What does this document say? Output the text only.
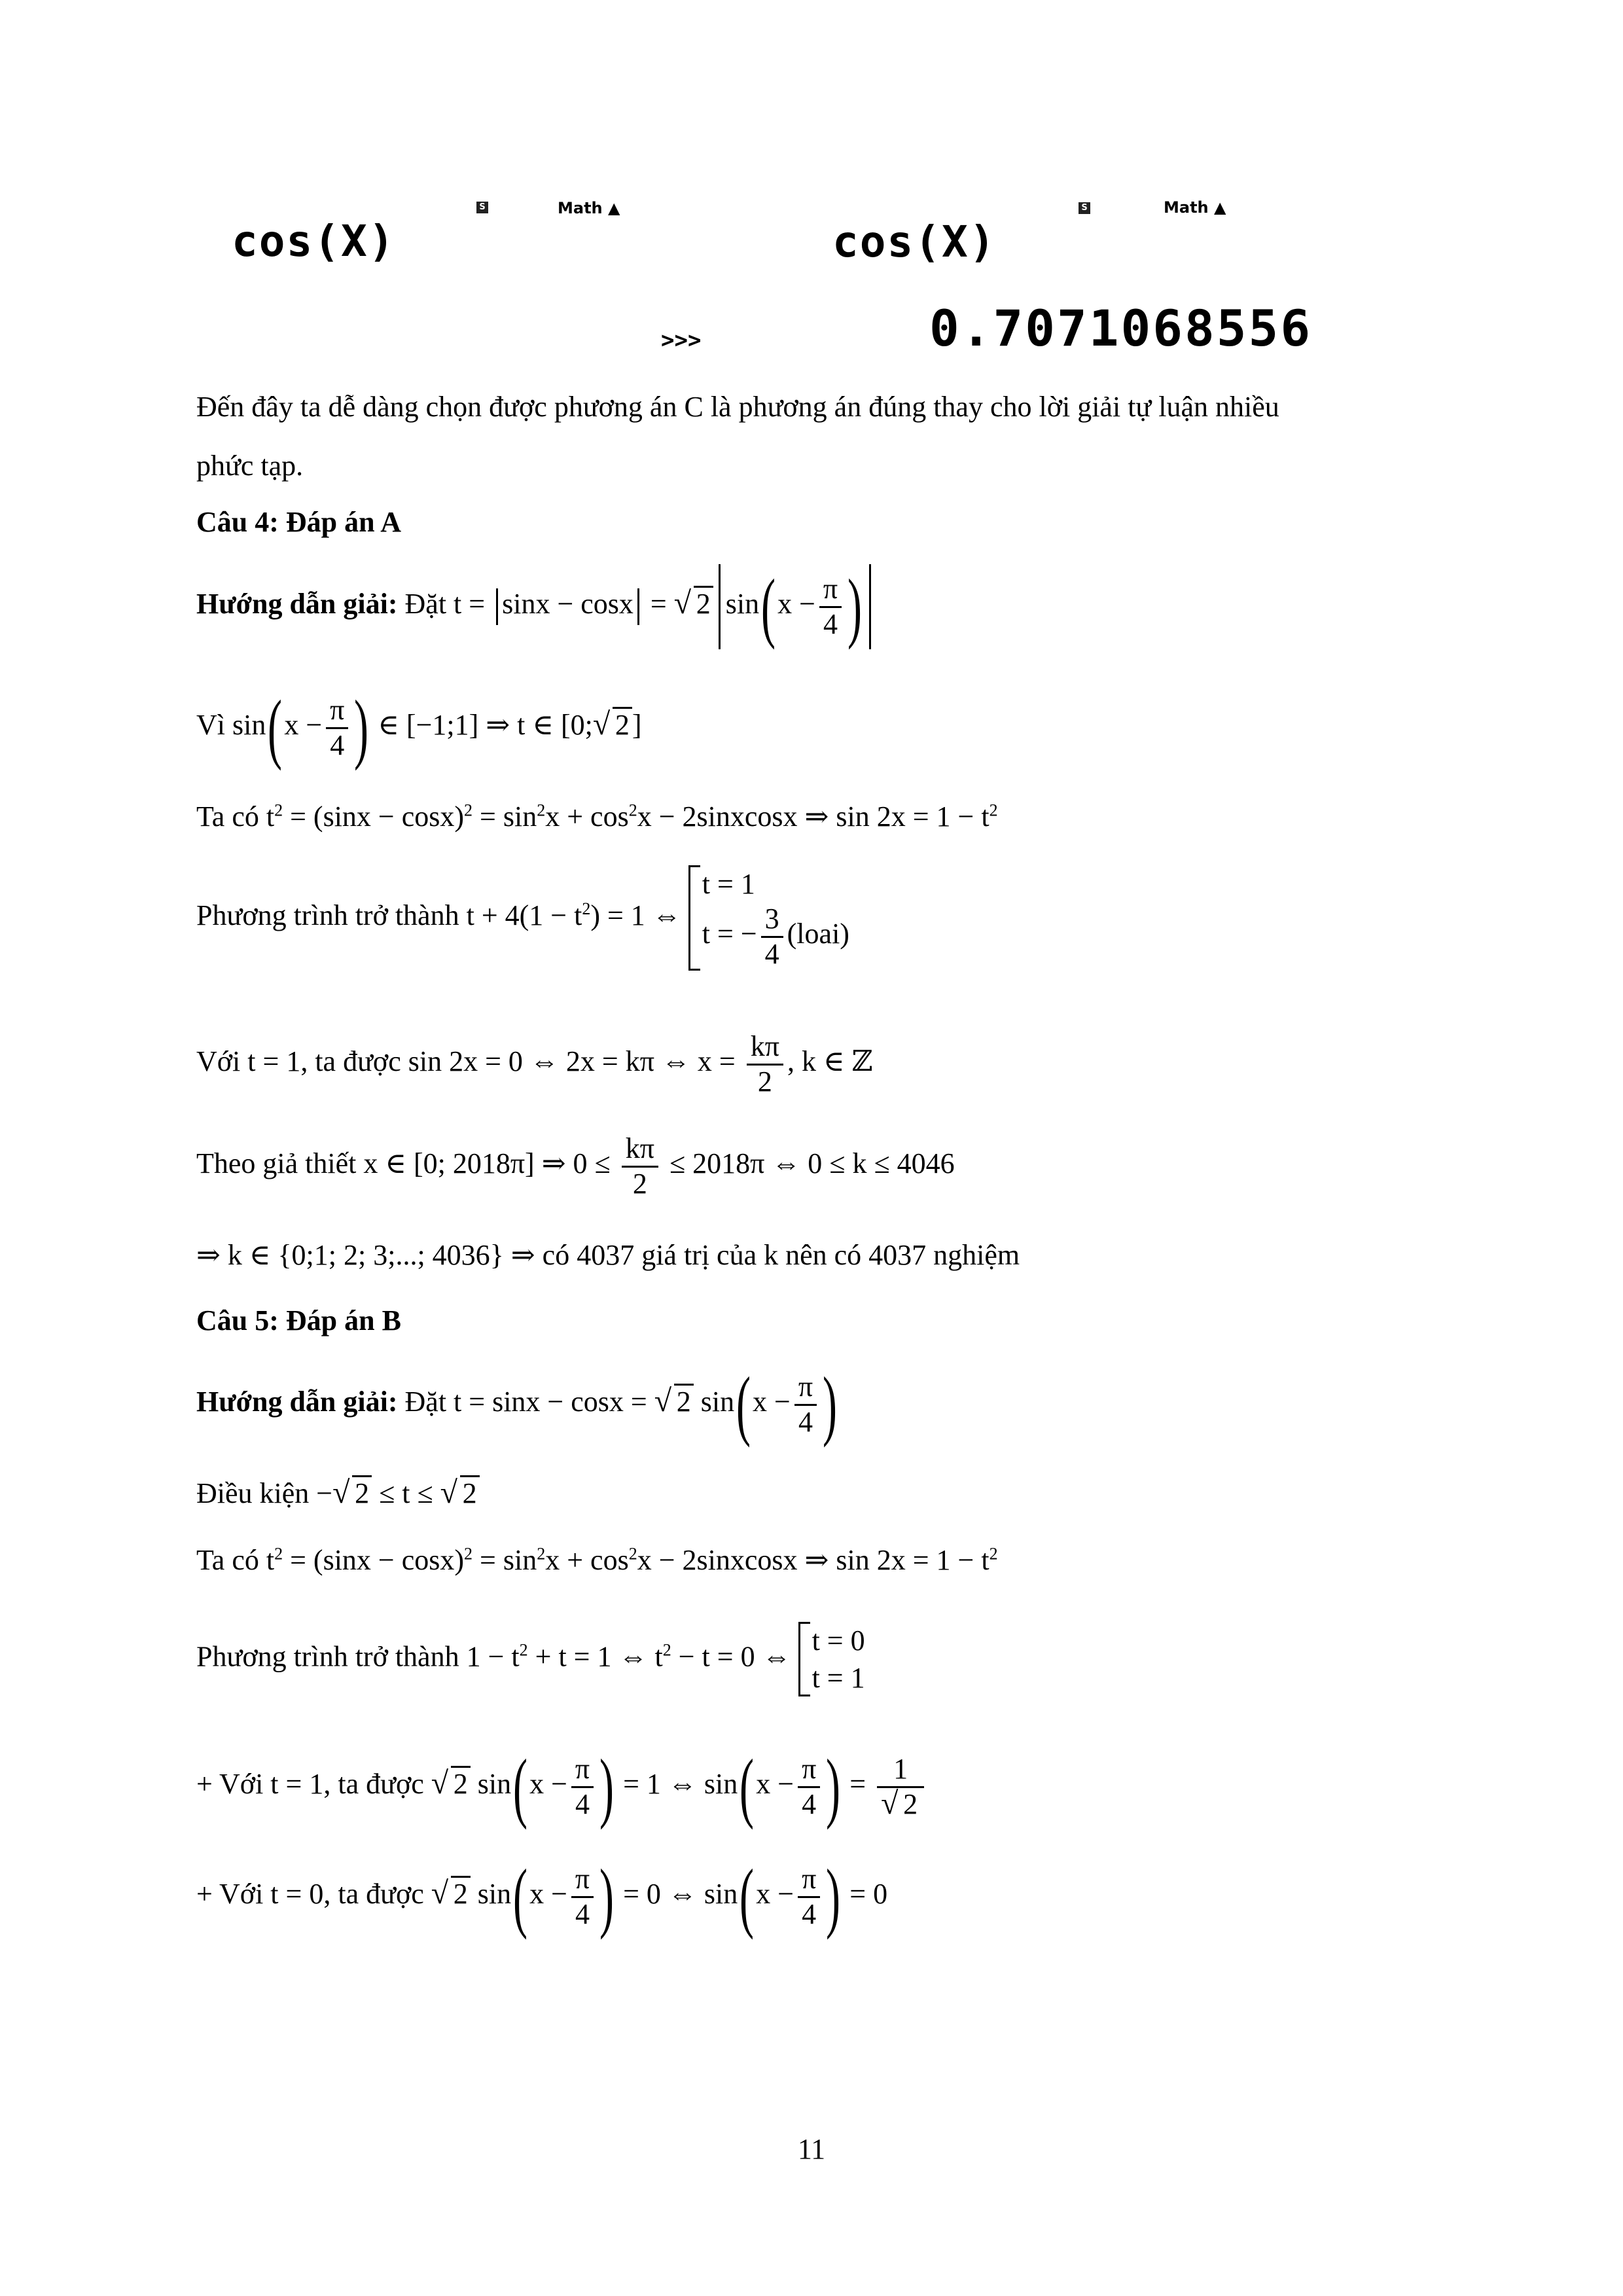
S	Math ▲
cos(X)
>>>
S	Math ▲
cos(X)
0.7071068556
Đến đây ta dễ dàng chọn được phương án C là phương án đúng thay cho lời giải tự luận nhiều
phức tạp.
Câu 4: Đáp án A
Hướng dẫn giải: Đặt t = sinx − cosx = √ 2 $\sin(x - \frac{\pi}{4}$ )
Vì $\sin(x - \frac{\pi}{4}$ ) ∈ [−1;1] ⇒ t ∈ [0; √ 2]
Ta có $t^2 = (\sin x - \cos x)^2 = \sin^2x + \cos^2x$ − 2sinxcosx ⇒ $\sin 2x = 1 - t^2$
Phương trình trở thành $t + 4(1 - t^2) = 1$ ⇔
t = 1
t = − $\frac{3}{4}$ (loai)
Với t = 1, ta được sin 2x = 0 ⇔ 2x = kπ ⇔ $x = \frac{k\pi}{2}$ , k ∈ ℤ
Theo giả thiết x ∈ [0; 2018π] ⇒ $0 \le \frac{k\pi}{2} \le 2018\pi$ ⇔ 0 ≤ k ≤ 4046
⇒ k ∈ {0;1; 2; 3;...; 4036} ⇒ có 4037 giá trị của k nên có 4037 nghiệm
Câu 5: Đáp án B
Hướng dẫn giải: Đặt t = sinx − cosx = √ 2 $\sin(x - \frac{\pi}{4}$ )
Điều kiện − √ 2 ≤ t ≤ √ 2
Ta có $t^2 = (\sin x - \cos x)^2 = \sin^2x + \cos^2x$ − 2sinxcosx ⇒ $\sin 2x = 1 - t^2$
Phương trình trở thành $1 - t^2 + t = 1$ ⇔ $t^2 - t = 0$ ⇔ t = 0
t = 1
+ Với t = 1, ta được √ 2 $\sin(x - \frac{\pi}{4}$ ) = 1 ⇔ $\sin(x - \frac{\pi}{4}$ ) = 1
√ 2
+ Với t = 0, ta được √ 2 $\sin(x - \frac{\pi}{4}$ ) = 0 ⇔ $\sin(x - \frac{\pi}{4}$ ) = 0
11
